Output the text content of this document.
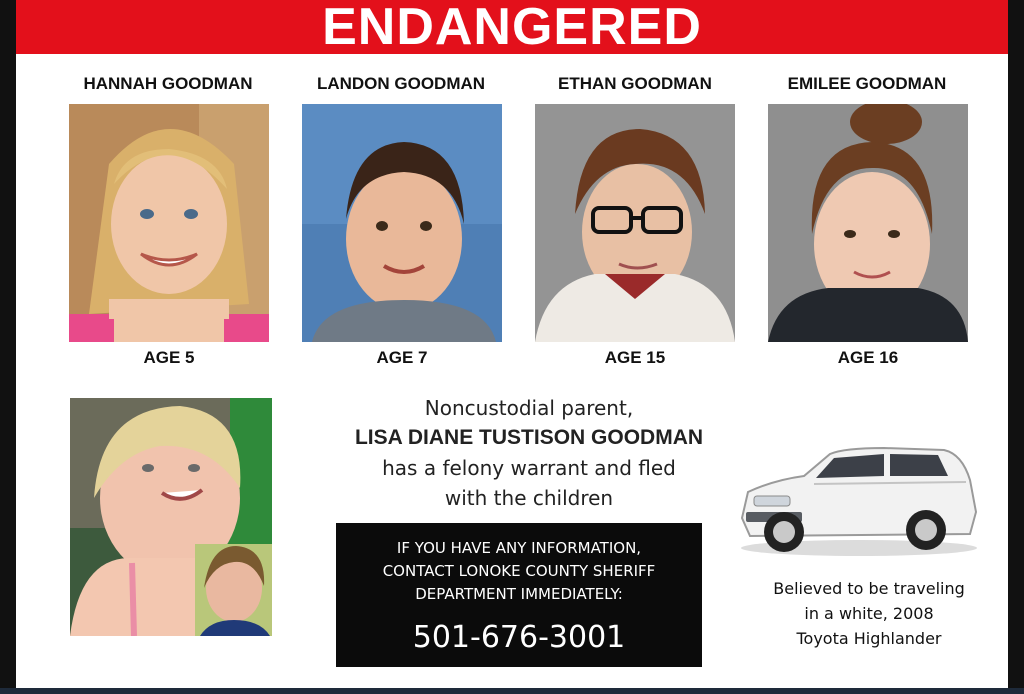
ENDANGERED
HANNAH GOODMAN	LANDON GOODMAN	ETHAN GOODMAN	EMILEE GOODMAN
AGE 5	AGE 7	AGE 15	AGE 16
Noncustodial parent,
LISA DIANE TUSTISON GOODMAN
has a felony warrant and fled
with the children
IF YOU HAVE ANY INFORMATION,
CONTACT LONOKE COUNTY SHERIFF
DEPARTMENT IMMEDIATELY:
501-676-3001
Believed to be traveling
in a white, 2008
Toyota Highlander
